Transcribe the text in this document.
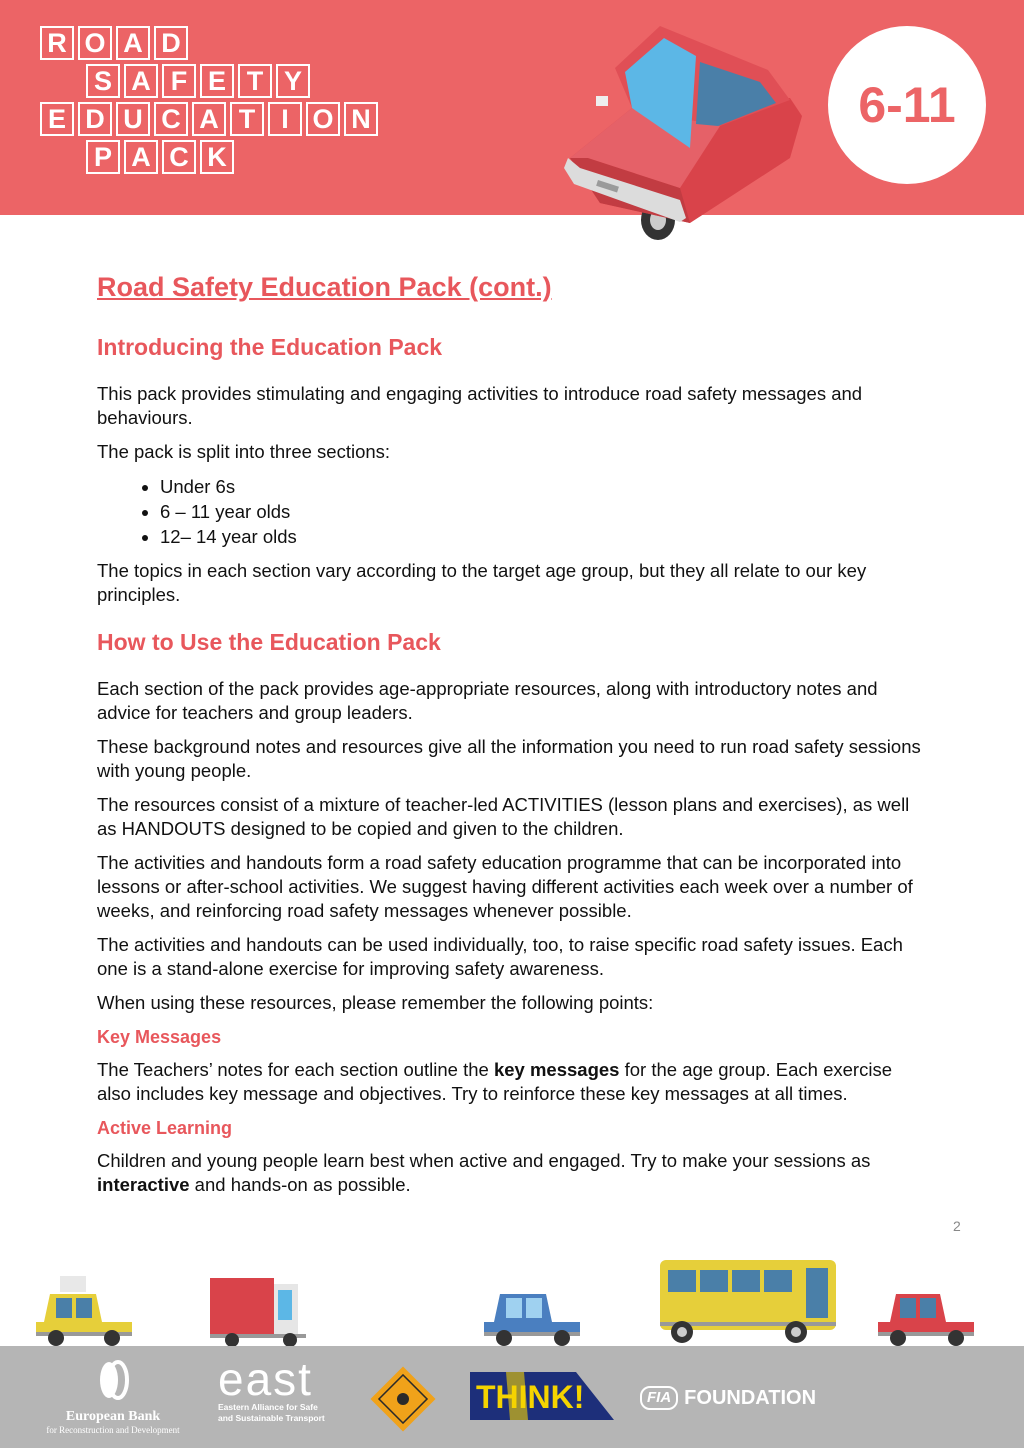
R O A D
S A F E T Y
E D U C A T I O N
P A C K
6-11
Road Safety Education Pack (cont.)
Introducing the Education Pack

This pack provides stimulating and engaging activities to introduce road safety messages and behaviours.

The pack is split into three sections:

• Under 6s
• 6 – 11 year olds
• 12– 14 year olds

The topics in each section vary according to the target age group, but they all relate to our key principles.

How to Use the Education Pack

Each section of the pack provides age-appropriate resources, along with introductory notes and advice for teachers and group leaders.

These background notes and resources give all the information you need to run road safety sessions with young people.

The resources consist of a mixture of teacher-led ACTIVITIES (lesson plans and exercises), as well as HANDOUTS designed to be copied and given to the children.

The activities and handouts form a road safety education programme that can be incorporated into lessons or after-school activities. We suggest having different activities each week over a number of weeks, and reinforcing road safety messages whenever possible.

The activities and handouts can be used individually, too, to raise specific road safety issues. Each one is a stand-alone exercise for improving safety awareness.

When using these resources, please remember the following points:

Key Messages

The Teachers’ notes for each section outline the key messages for the age group. Each exercise also includes key message and objectives. Try to reinforce these key messages at all times.

Active Learning

Children and young people learn best when active and engaged. Try to make your sessions as interactive and hands-on as possible.

2
European Bank
for Reconstruction and Development
east
Eastern Alliance for Safe
and Sustainable Transport
THINK!	FIA FOUNDATION
